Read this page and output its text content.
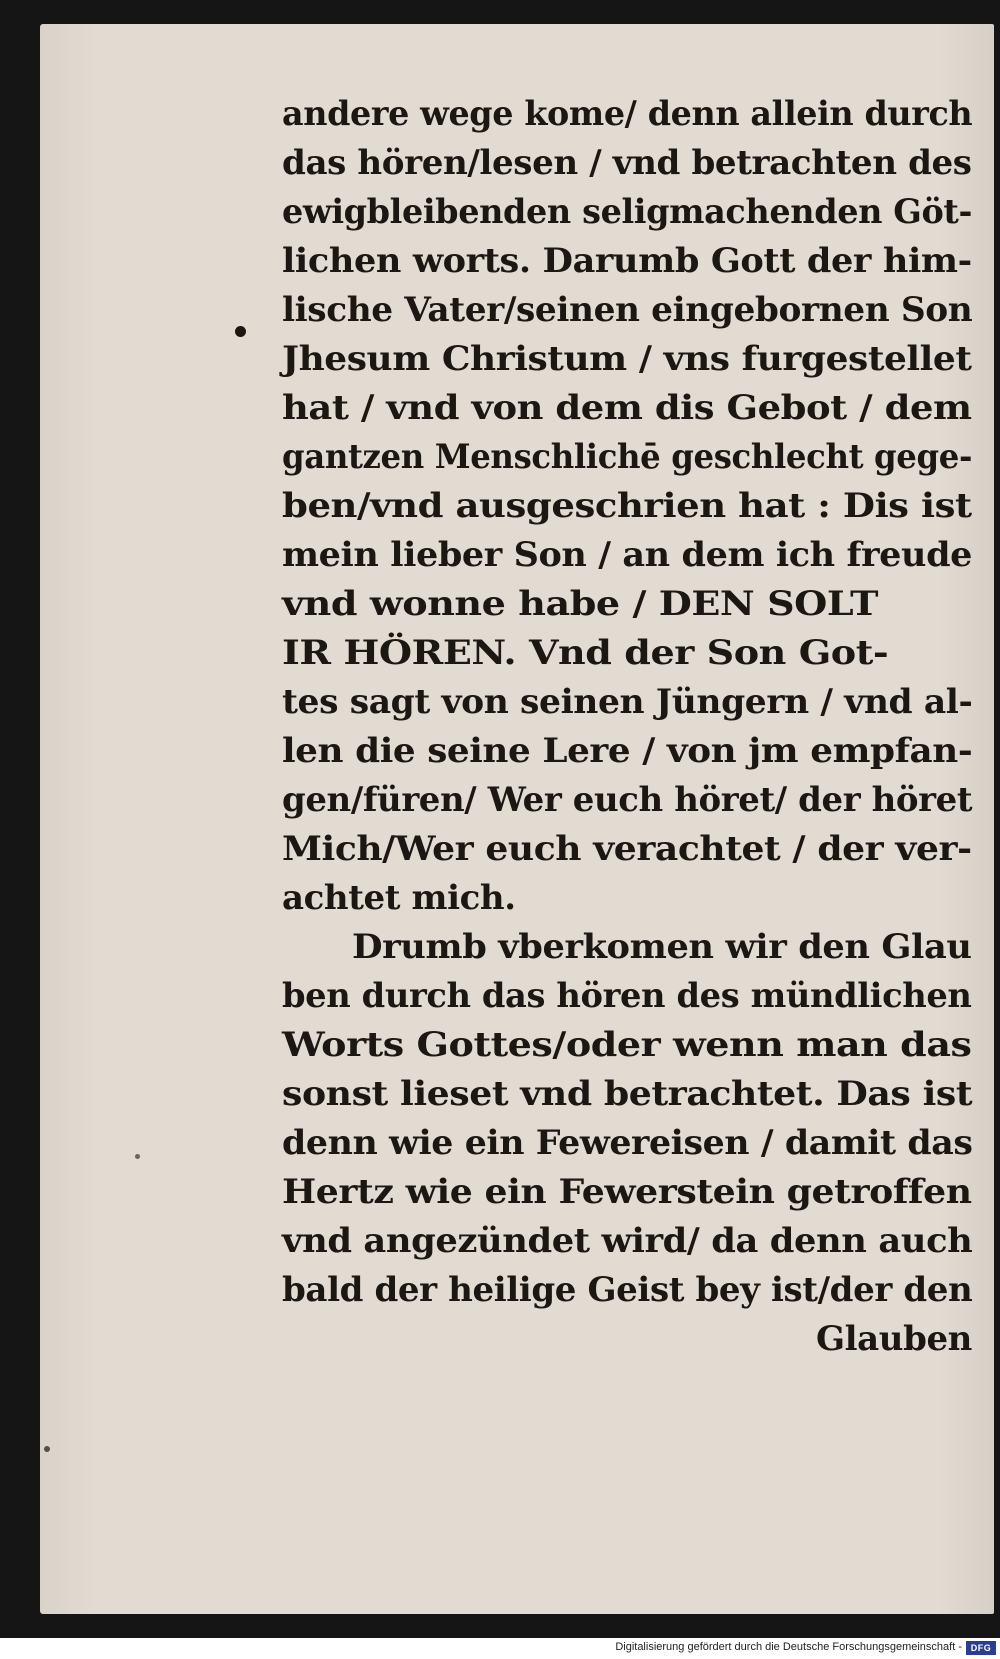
andere wege kome/ denn allein durch
das hören/lesen / vnd betrachten des
ewigbleibenden seligmachenden Göt-
lichen worts. Darumb Gott der him-
lische Vater/seinen eingebornen Son
Jhesum Christum / vns furgestellet
hat / vnd von dem dis Gebot / dem
gantzen Menschlichē geschlecht gege-
ben/vnd ausgeschrien hat : Dis ist
mein lieber Son / an dem ich freude
vnd wonne habe / DEN SOLT
IR HÖREN. Vnd der Son Got-
tes sagt von seinen Jüngern / vnd al-
len die seine Lere / von jm empfan-
gen/füren/ Wer euch höret/ der höret
Mich/Wer euch verachtet / der ver-
achtet mich.
Drumb vberkomen wir den Glau
ben durch das hören des mündlichen
Worts Gottes/oder wenn man das
sonst lieset vnd betrachtet. Das ist
denn wie ein Fewereisen / damit das
Hertz wie ein Fewerstein getroffen
vnd angezündet wird/ da denn auch
bald der heilige Geist bey ist/der den
Glauben
Digitalisierung gefördert durch die Deutsche Forschungsgemeinschaft - DFG
